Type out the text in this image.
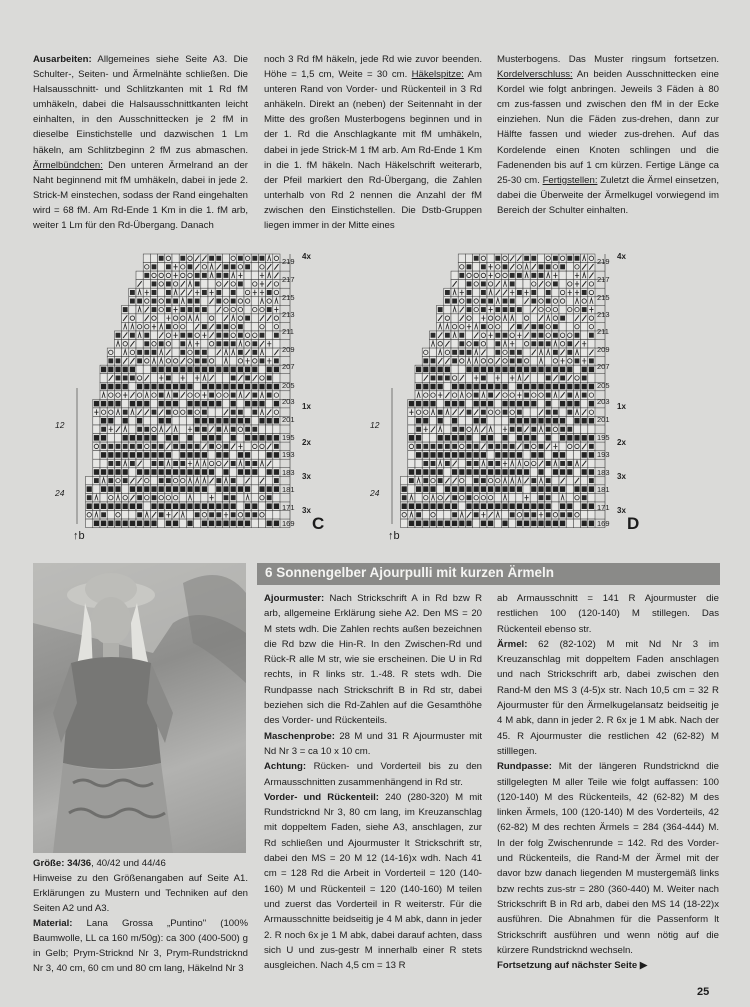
Ausarbeiten: Allgemeines siehe Seite A3. Die Schulter-, Seiten- und Ärmelnähte schließen. Die Halsausschnitt- und Schlitzkanten mit 1 Rd fM umhäkeln, dabei die Halsausschnittkanten leicht einhalten, in den Ausschnittecken je 2 fM in dieselbe Einstichstelle und dazwischen 1 Lm häkeln, am Schlitzbeginn 2 fM zus abmaschen. Ärmelbündchen: Den unteren Ärmelrand an der Naht beginnend mit fM umhäkeln, dabei in jede 2. Strick-M einstechen, sodass der Rand eingehalten wird = 68 fM. Am Rd-Ende 1 Km in die 1. fM arb, weiter 1 Lm für den Rd-Übergang. Danach

noch 3 Rd fM häkeln, jede Rd wie zuvor beenden. Höhe = 1,5 cm, Weite = 30 cm. Häkelspitze: Am unteren Rand von Vorder- und Rückenteil in 3 Rd anhäkeln. Direkt an (neben) der Seitennaht in der Mitte des großen Musterbogens beginnen und in der 1. Rd die Anschlagkante mit fM umhäkeln, dabei in jede Strick-M 1 fM arb. Am Rd-Ende 1 Km in die 1. fM häkeln. Nach Häkelschrift weiterarb, der Pfeil markiert den Rd-Übergang, die Zahlen unterhalb von Rd 2 nennen die Anzahl der fM zwischen den Einstichstellen. Die Dstb-Gruppen liegen immer in der Mitte eines

Musterbogens. Das Muster ringsum fortsetzen. Kordelverschluss: An beiden Ausschnittecken eine Kordel wie folgt anbringen. Jeweils 3 Fäden à 80 cm zus-fassen und zwischen den fM in der Ecke einziehen. Nun die Fäden zus-drehen, dann zur Hälfte fassen und wieder zus-drehen. Auf das Kordelende einen Knoten schlingen und die Fadenenden bis auf 1 cm kürzen. Fertige Länge ca 25-30 cm. Fertigstellen: Zuletzt die Ärmel einsetzen, dabei die Überweite der Ärmelkugel vorwiegend im Bereich der Schulter einhalten.

219
217
215
213
211
209
207
205
203
201
195
193
183
181
171
169
4x
1x
2x
3x
3x
12
24
C
↑b
219
217
215
213
211
209
207
205
203
201
195
193
183
181
171
169
4x
1x
2x
3x
3x
12
24
D
↑b
6 Sonnengelber Ajourpulli mit kurzen Ärmeln

Ajourmuster: Nach Strickschrift A in Rd bzw R arb, allgemeine Erklärung siehe A2. Den MS = 20 M stets wdh. Die Zahlen rechts außen bezeichnen die Rd bzw die Hin-R. In den Zwischen-Rd und Rück-R alle M str, wie sie erscheinen. Die U in Rd rechts, in R links str. 1.-48. R stets wdh. Die Rundpasse nach Strickschrift B in Rd str, dabei beziehen sich die Rd-Zahlen auf die Gesamthöhe des Vorder- und Rückenteils.

Maschenprobe: 28 M und 31 R Ajourmuster mit Nd Nr 3 = ca 10 x 10 cm.

Achtung: Rücken- und Vorderteil bis zu den Armausschnitten zusammenhängend in Rd str.

Vorder- und Rückenteil: 240 (280-320) M mit Rundstricknd Nr 3, 80 cm lang, im Kreuzanschlag mit doppeltem Faden, siehe A3, anschlagen, zur Rd schließen und Ajourmuster lt Strickschrift str, dabei den MS = 20 M 12 (14-16)x wdh. Nach 41 cm = 128 Rd die Arbeit in Vorderteil = 120 (140-160) M und Rückenteil = 120 (140-160) M teilen und zuerst das Vorderteil in R weiterstr. Für die Armausschnitte beidseitig je 4 M abk, dann in jeder 2. R noch 6x je 1 M abk, dabei darauf achten, dass sich U und zus-gestr M innerhalb einer R stets ausgleichen. Nach 4,5 cm = 13 R

ab Armausschnitt = 141 R Ajourmuster die restlichen 100 (120-140) M stillegen. Das Rückenteil ebenso str.

Ärmel: 62 (82-102) M mit Nd Nr 3 im Kreuzanschlag mit doppeltem Faden anschlagen und nach Strickschrift arb, dabei zwischen den Rand-M den MS 3 (4-5)x str. Nach 10,5 cm = 32 R Ajourmuster für den Ärmelkugelansatz beidseitig je 4 M abk, dann in jeder 2. R 6x je 1 M abk. Nach der 45. R Ajourmuster die restlichen 42 (62-82) M stilllegen.

Rundpasse: Mit der längeren Rundstricknd die stillgelegten M aller Teile wie folgt auffassen: 100 (120-140) M des Rückenteils, 42 (62-82) M des linken Ärmels, 100 (120-140) M des Vorderteils, 42 (62-82) M des rechten Ärmels = 284 (364-444) M. In der folg Zwischenrunde = 142. Rd des Vorder- und Rückenteils, die Rand-M der Ärmel mit der davor bzw danach liegenden M mustergemäß links bzw rechts zus-str = 280 (360-440) M. Weiter nach Strickschrift B in Rd arb, dabei den MS 14 (18-22)x ausführen. Die Abnahmen für die Passenform lt Strickschrift ausführen und wenn nötig auf die kürzere Rundstricknd wechseln.

Fortsetzung auf nächster Seite ▶

Größe: 34/36, 40/42 und 44/46

Hinweise zu den Größenangaben auf Seite A1. Erklärungen zu Mustern und Techniken auf den Seiten A2 und A3.

Material: Lana Grossa „Puntino" (100% Baumwolle, LL ca 160 m/50g): ca 300 (400-500) g in Gelb; Prym-Stricknd Nr 3, Prym-Rundstricknd Nr 3, 40 cm, 60 cm und 80 cm lang, Häkelnd Nr 3

25
